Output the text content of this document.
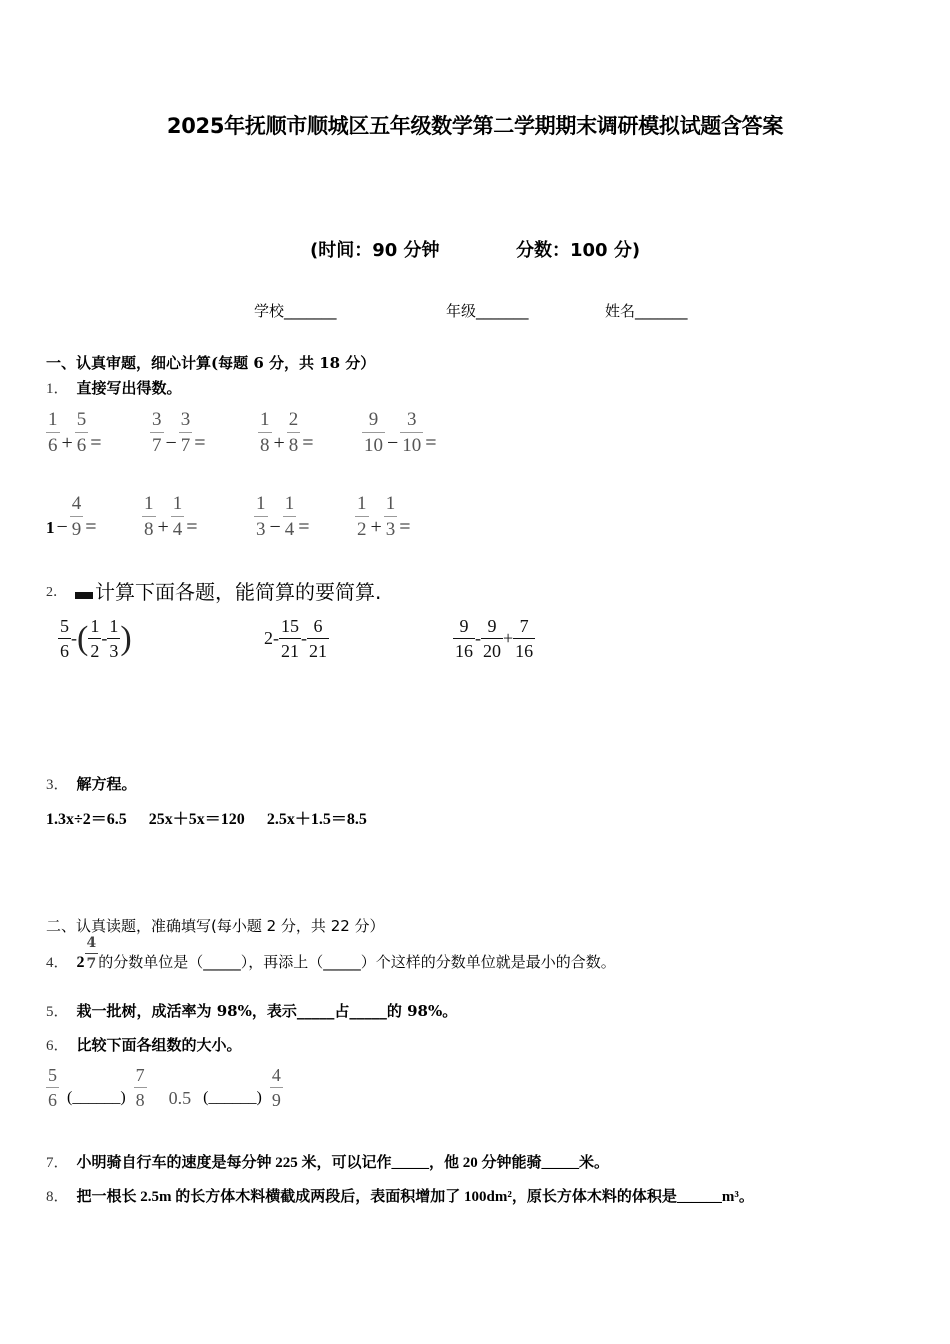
2025年抚顺市顺城区五年级数学第二学期期末调研模拟试题含答案
(时间：90 分钟	分数：100 分)
学校_______	年级_______	姓名_______
一、认真审题，细心计算(每题 6 分，共 18 分）
1． 直接写出得数。
$\frac{1}{6} + \frac{5}{6}$ =	$\frac{3}{7} - \frac{3}{7}$ =	$\frac{1}{8} + \frac{2}{8}$ =	$\frac{9}{10} - \frac{3}{10}$ =
$1 - \frac{4}{9} = \frac{1}{8} + \frac{1}{4}$ =	$\frac{1}{3} - \frac{1}{4} = \frac{1}{2} + \frac{1}{3}$ =
2． 计算下面各题，能简算的要简算.
$\frac{5}{6}$ - ( $\frac{1}{2} - \frac{1}{3}$ )	$2 - \frac{15}{21} - \frac{6}{21}$	$\frac{9}{16} - \frac{9}{20} + \frac{7}{16}$
3． 解方程。
1.3x÷2＝6.5 25x＋5x＝120 2.5x＋1.5＝8.5
二、认真读题，准确填写(每小题 2 分，共 22 分）
4． $2 \frac{4}{7}$ 的分数单位是（_____），再添上（_____）个这样的分数单位就是最小的合数。
5． 栽一批树，成活率为 98%，表示_____占_____的 98%。
6． 比较下面各组数的大小。
$\frac{5}{6}$ (______) $\frac{7}{8} 0.5$ (______) $\frac{4}{9}$
7． 小明骑自行车的速度是每分钟 225 米，可以记作_____，他 20 分钟能骑_____米。
8． 把一根长 2.5m 的长方体木料横截成两段后，表面积增加了 100dm²，原长方体木料的体积是______m³。
